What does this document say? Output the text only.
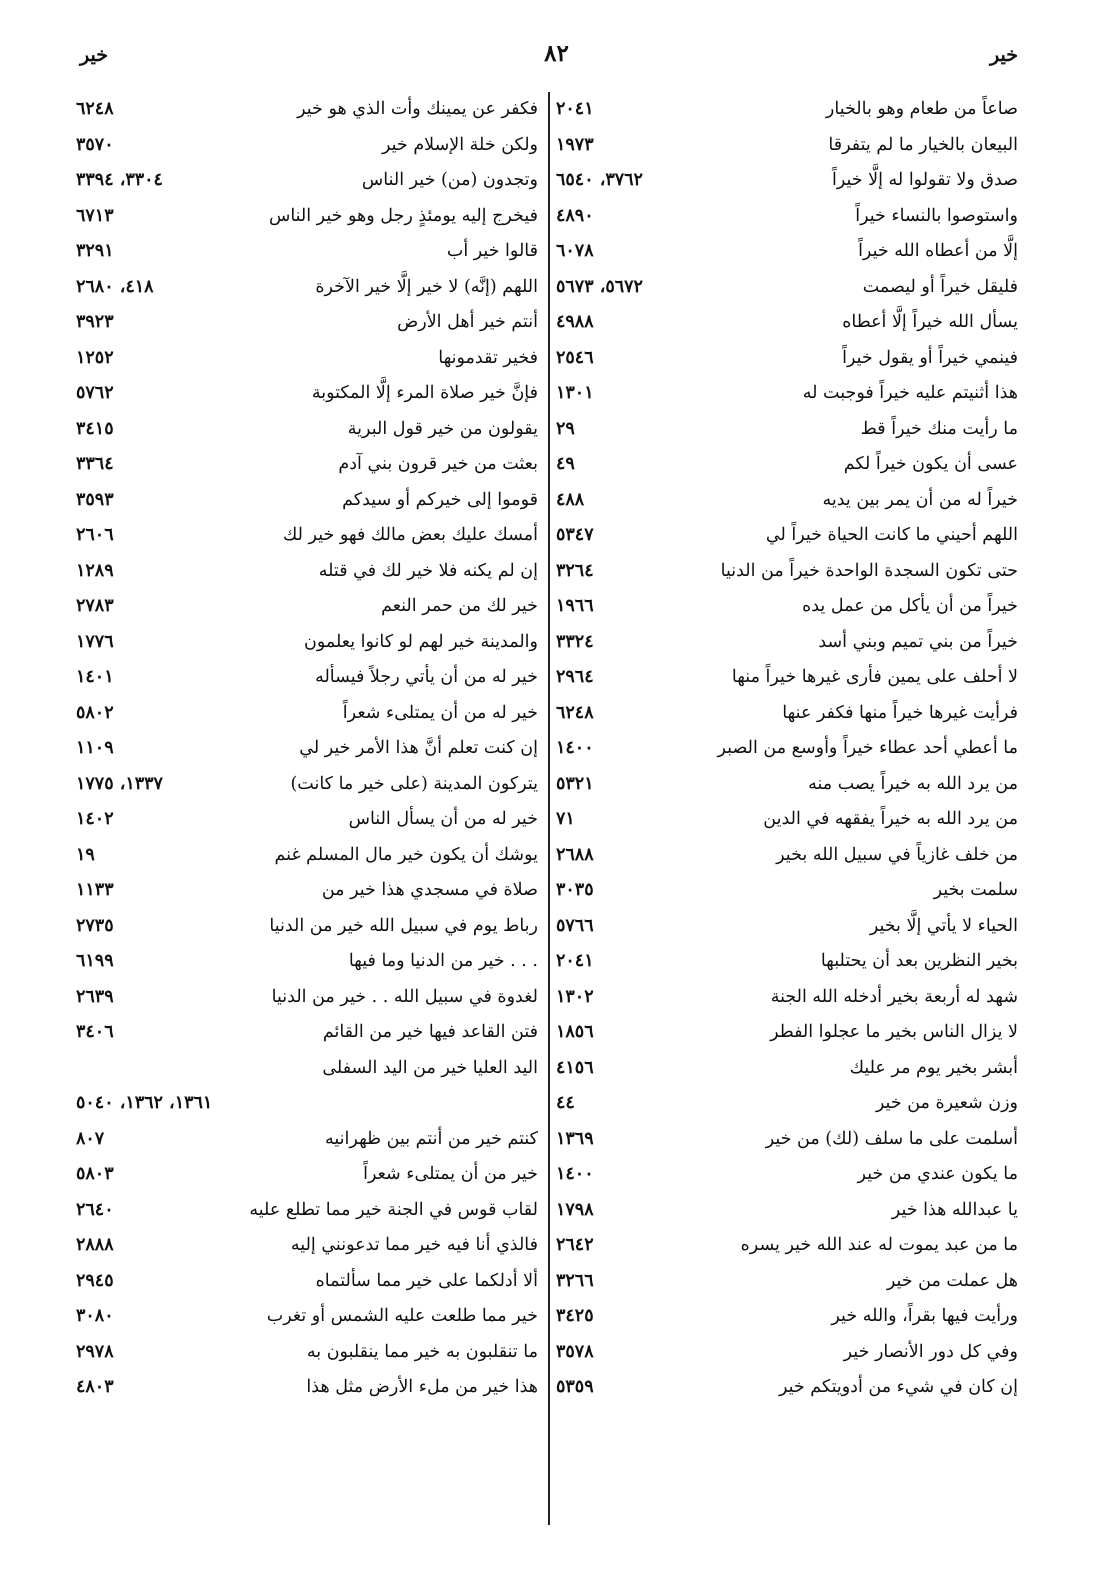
خير
٨٢
خير
صاعاً من طعام وهو بالخيار
٢٠٤١
البيعان بالخيار ما لم يتفرقا
١٩٧٣
صدق ولا تقولوا له إلَّا خيراً
٣٧٦٢، ٦٥٤٠
واستوصوا بالنساء خيراً
٤٨٩٠
إلَّا من أعطاه الله خيراً
٦٠٧٨
فليقل خيراً أو ليصمت
٥٦٧٢، ٥٦٧٣
يسأل الله خيراً إلَّا أعطاه
٤٩٨٨
فينمي خيراً أو يقول خيراً
٢٥٤٦
هذا أثنيتم عليه خيراً فوجبت له
١٣٠١
ما رأيت منك خيراً قط
٢٩
عسى أن يكون خيراً لكم
٤٩
خيراً له من أن يمر بين يديه
٤٨٨
اللهم أحيني ما كانت الحياة خيراً لي
٥٣٤٧
حتى تكون السجدة الواحدة خيراً من الدنيا
٣٢٦٤
خيراً من أن يأكل من عمل يده
١٩٦٦
خيراً من بني تميم وبني أسد
٣٣٢٤
لا أحلف على يمين فأرى غيرها خيراً منها
٢٩٦٤
فرأيت غيرها خيراً منها فكفر عنها
٦٢٤٨
ما أعطي أحد عطاء خيراً وأوسع من الصبر
١٤٠٠
من يرد الله به خيراً يصب منه
٥٣٢١
من يرد الله به خيراً يفقهه في الدين
٧١
من خلف غازياً في سبيل الله بخير
٢٦٨٨
سلمت بخير
٣٠٣٥
الحياء لا يأتي إلَّا بخير
٥٧٦٦
بخير النظرين بعد أن يحتلبها
٢٠٤١
شهد له أربعة بخير أدخله الله الجنة
١٣٠٢
لا يزال الناس بخير ما عجلوا الفطر
١٨٥٦
أبشر بخير يوم مر عليك
٤١٥٦
وزن شعيرة من خير
٤٤
أسلمت على ما سلف (لك) من خير
١٣٦٩
ما يكون عندي من خير
١٤٠٠
يا عبدالله هذا خير
١٧٩٨
ما من عبد يموت له عند الله خير يسره
٢٦٤٢
هل عملت من خير
٣٢٦٦
ورأيت فيها بقراً، والله خير
٣٤٢٥
وفي كل دور الأنصار خير
٣٥٧٨
إن كان في شيء من أدويتكم خير
٥٣٥٩
فكفر عن يمينك وأت الذي هو خير
٦٢٤٨
ولكن خلة الإسلام خير
٣٥٧٠
وتجدون (من) خير الناس
٣٣٠٤، ٣٣٩٤
فيخرج إليه يومئذٍ رجل وهو خير الناس
٦٧١٣
قالوا خير أب
٣٢٩١
اللهم (إنَّه) لا خير إلَّا خير الآخرة
٤١٨، ٢٦٨٠
أنتم خير أهل الأرض
٣٩٢٣
فخير تقدمونها
١٢٥٢
فإنَّ خير صلاة المرء إلَّا المكتوبة
٥٧٦٢
يقولون من خير قول البرية
٣٤١٥
بعثت من خير قرون بني آدم
٣٣٦٤
قوموا إلى خيركم أو سيدكم
٣٥٩٣
أمسك عليك بعض مالك فهو خير لك
٢٦٠٦
إن لم يكنه فلا خير لك في قتله
١٢٨٩
خير لك من حمر النعم
٢٧٨٣
والمدينة خير لهم لو كانوا يعلمون
١٧٧٦
خير له من أن يأتي رجلاً فيسأله
١٤٠١
خير له من أن يمتلىء شعراً
٥٨٠٢
إن كنت تعلم أنَّ هذا الأمر خير لي
١١٠٩
يتركون المدينة (على خير ما كانت)
١٣٣٧، ١٧٧٥
خير له من أن يسأل الناس
١٤٠٢
يوشك أن يكون خير مال المسلم غنم
١٩
صلاة في مسجدي هذا خير من
١١٣٣
رباط يوم في سبيل الله خير من الدنيا
٢٧٣٥
. . . خير من الدنيا وما فيها
٦١٩٩
لغدوة في سبيل الله . . خير من الدنيا
٢٦٣٩
فتن القاعد فيها خير من القائم
٣٤٠٦
اليد العليا خير من اليد السفلى
١٣٦١، ١٣٦٢، ٥٠٤٠
كنتم خير من أنتم بين ظهرانيه
٨٠٧
خير من أن يمتلىء شعراً
٥٨٠٣
لقاب قوس في الجنة خير مما تطلع عليه
٢٦٤٠
فالذي أنا فيه خير مما تدعونني إليه
٢٨٨٨
ألا أدلكما على خير مما سألتماه
٢٩٤٥
خير مما طلعت عليه الشمس أو تغرب
٣٠٨٠
ما تنقلبون به خير مما ينقلبون به
٢٩٧٨
هذا خير من ملء الأرض مثل هذا
٤٨٠٣
